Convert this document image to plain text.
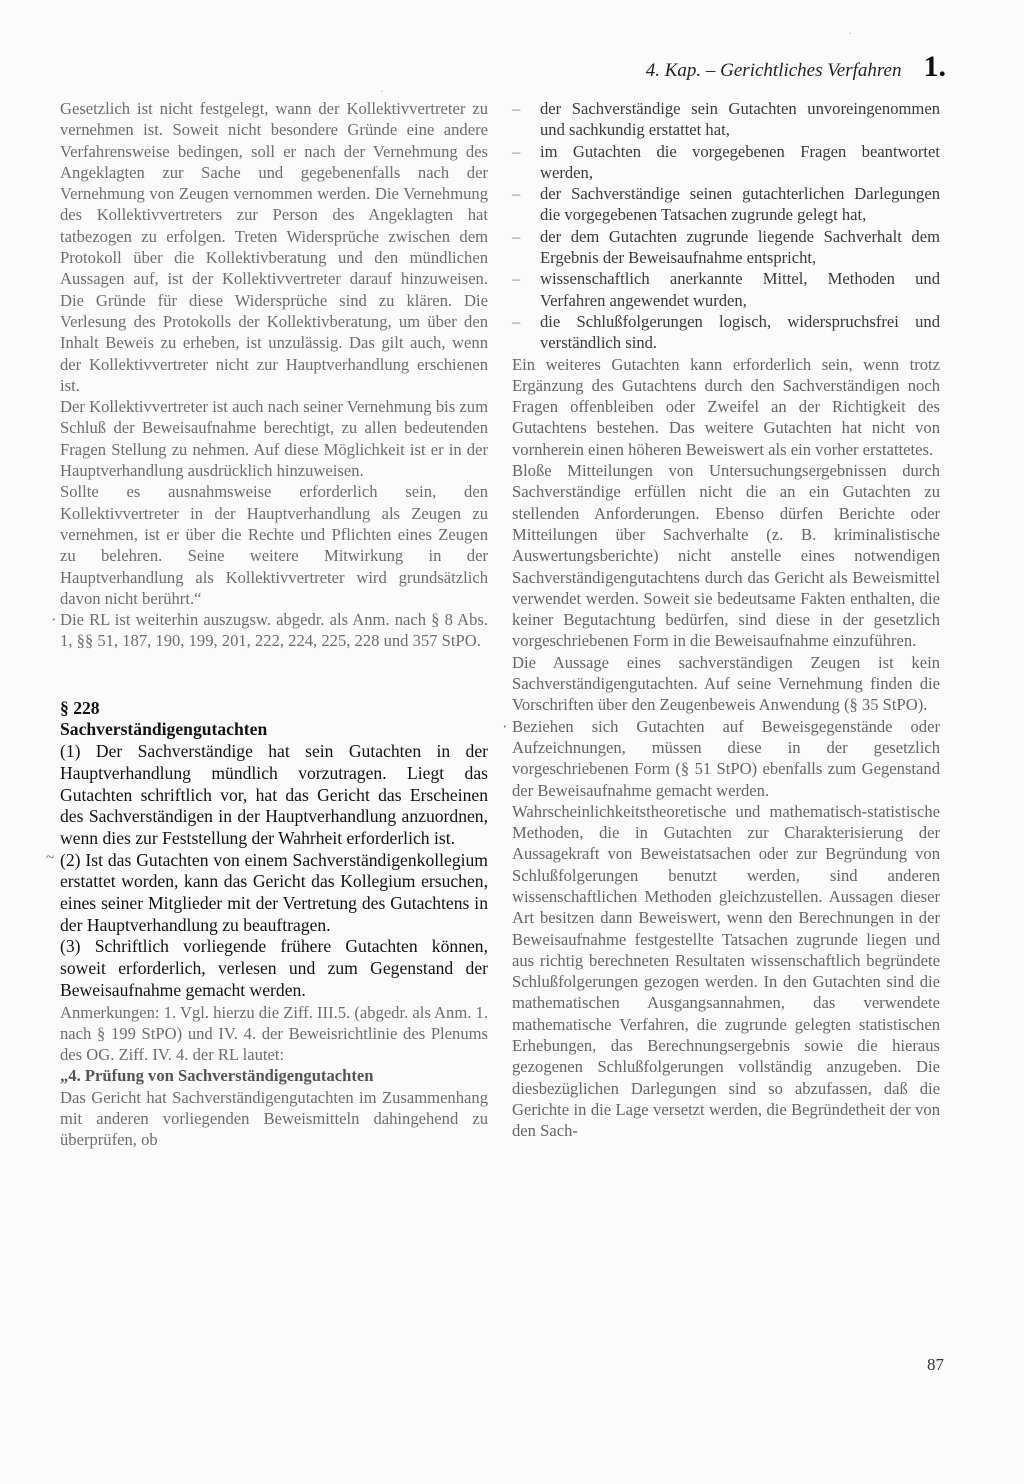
4. Kap. – Gerichtliches Verfahren 1.

Gesetzlich ist nicht festgelegt, wann der Kollektivvertreter zu vernehmen ist. Soweit nicht besondere Gründe eine andere Verfahrensweise bedingen, soll er nach der Vernehmung des Angeklagten zur Sache und gegebenenfalls nach der Vernehmung von Zeugen vernommen werden. Die Vernehmung des Kollektivvertreters zur Person des Angeklagten hat tatbezogen zu erfolgen. Treten Widersprüche zwischen dem Protokoll über die Kollektivberatung und den mündlichen Aussagen auf, ist der Kollektivvertreter darauf hinzuweisen. Die Gründe für diese Widersprüche sind zu klären. Die Verlesung des Protokolls der Kollektivberatung, um über den Inhalt Beweis zu erheben, ist unzulässig. Das gilt auch, wenn der Kollektivvertreter nicht zur Hauptverhandlung erschienen ist.

Der Kollektivvertreter ist auch nach seiner Vernehmung bis zum Schluß der Beweisaufnahme berechtigt, zu allen bedeutenden Fragen Stellung zu nehmen. Auf diese Möglichkeit ist er in der Hauptverhandlung ausdrücklich hinzuweisen.

Sollte es ausnahmsweise erforderlich sein, den Kollektivvertreter in der Hauptverhandlung als Zeugen zu vernehmen, ist er über die Rechte und Pflichten eines Zeugen zu belehren. Seine weitere Mitwirkung in der Hauptverhandlung als Kollektivvertreter wird grundsätzlich davon nicht berührt.“

· Die RL ist weiterhin auszugsw. abgedr. als Anm. nach § 8 Abs. 1, §§ 51, 187, 190, 199, 201, 222, 224, 225, 228 und 357 StPO.

§ 228
Sachverständigengutachten

(1) Der Sachverständige hat sein Gutachten in der Hauptverhandlung mündlich vorzutragen. Liegt das Gutachten schriftlich vor, hat das Gericht das Erscheinen des Sachverständigen in der Hauptverhandlung anzuordnen, wenn dies zur Feststellung der Wahrheit erforderlich ist.

~ (2) Ist das Gutachten von einem Sachverständigenkollegium erstattet worden, kann das Gericht das Kollegium ersuchen, eines seiner Mitglieder mit der Vertretung des Gutachtens in der Hauptverhandlung zu beauftragen.

(3) Schriftlich vorliegende frühere Gutachten können, soweit erforderlich, verlesen und zum Gegenstand der Beweisaufnahme gemacht werden.

Anmerkungen: 1. Vgl. hierzu die Ziff. III.5. (abgedr. als Anm. 1. nach § 199 StPO) und IV. 4. der Beweisrichtlinie des Plenums des OG. Ziff. IV. 4. der RL lautet:

„4. Prüfung von Sachverständigengutachten

Das Gericht hat Sachverständigengutachten im Zusammenhang mit anderen vorliegenden Beweismitteln dahingehend zu überprüfen, ob

– der Sachverständige sein Gutachten unvoreingenommen und sachkundig erstattet hat,
– im Gutachten die vorgegebenen Fragen beantwortet werden,
– der Sachverständige seinen gutachterlichen Darlegungen die vorgegebenen Tatsachen zugrunde gelegt hat,
– der dem Gutachten zugrunde liegende Sachverhalt dem Ergebnis der Beweisaufnahme entspricht,
– wissenschaftlich anerkannte Mittel, Methoden und Verfahren angewendet wurden,
– die Schlußfolgerungen logisch, widerspruchsfrei und verständlich sind.

Ein weiteres Gutachten kann erforderlich sein, wenn trotz Ergänzung des Gutachtens durch den Sachverständigen noch Fragen offenbleiben oder Zweifel an der Richtigkeit des Gutachtens bestehen. Das weitere Gutachten hat nicht von vornherein einen höheren Beweiswert als ein vorher erstattetes.

Bloße Mitteilungen von Untersuchungsergebnissen durch Sachverständige erfüllen nicht die an ein Gutachten zu stellenden Anforderungen. Ebenso dürfen Berichte oder Mitteilungen über Sachverhalte (z. B. kriminalistische Auswertungsberichte) nicht anstelle eines notwendigen Sachverständigengutachtens durch das Gericht als Beweismittel verwendet werden. Soweit sie bedeutsame Fakten enthalten, die keiner Begutachtung bedürfen, sind diese in der gesetzlich vorgeschriebenen Form in die Beweisaufnahme einzuführen.

Die Aussage eines sachverständigen Zeugen ist kein Sachverständigengutachten. Auf seine Vernehmung finden die Vorschriften über den Zeugenbeweis Anwendung (§ 35 StPO).

· Beziehen sich Gutachten auf Beweisgegenstände oder Aufzeichnungen, müssen diese in der gesetzlich vorgeschriebenen Form (§ 51 StPO) ebenfalls zum Gegenstand der Beweisaufnahme gemacht werden.

Wahrscheinlichkeitstheoretische und mathematisch-statistische Methoden, die in Gutachten zur Charakterisierung der Aussagekraft von Beweistatsachen oder zur Begründung von Schlußfolgerungen benutzt werden, sind anderen wissenschaftlichen Methoden gleichzustellen. Aussagen dieser Art besitzen dann Beweiswert, wenn den Berechnungen in der Beweisaufnahme festgestellte Tatsachen zugrunde liegen und aus richtig berechneten Resultaten wissenschaftlich begründete Schlußfolgerungen gezogen werden. In den Gutachten sind die mathematischen Ausgangsannahmen, das verwendete mathematische Verfahren, die zugrunde gelegten statistischen Erhebungen, das Berechnungsergebnis sowie die hieraus gezogenen Schlußfolgerungen vollständig anzugeben. Die diesbezüglichen Darlegungen sind so abzufassen, daß die Gerichte in die Lage versetzt werden, die Begründetheit der von den Sach-

87
·
·
